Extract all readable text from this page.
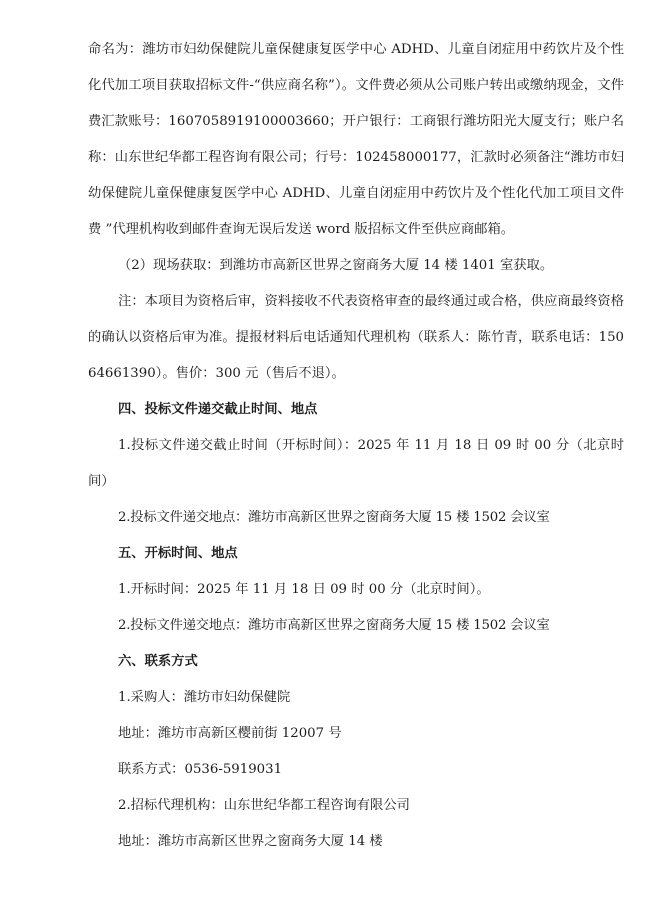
命名为：潍坊市妇幼保健院儿童保健康复医学中心 ADHD、儿童自闭症用中药饮片及个性化代加工项目获取招标文件-“供应商名称”）。文件费必须从公司账户转出或缴纳现金，文件费汇款账号：1607058919100003660；开户银行：工商银行潍坊阳光大厦支行；账户名称：山东世纪华都工程咨询有限公司；行号：102458000177，汇款时必须备注“潍坊市妇幼保健院儿童保健康复医学中心 ADHD、儿童自闭症用中药饮片及个性化代加工项目文件费 ”代理机构收到邮件查询无误后发送 word 版招标文件至供应商邮箱。

（2）现场获取：到潍坊市高新区世界之窗商务大厦 14 楼 1401 室获取。

注：本项目为资格后审，资料接收不代表资格审查的最终通过或合格，供应商最终资格的确认以资格后审为准。提报材料后电话通知代理机构（联系人：陈竹青，联系电话：15064661390）。售价：300 元（售后不退）。

四、投标文件递交截止时间、地点

1.投标文件递交截止时间（开标时间）：2025 年 11 月 18 日 09 时 00 分（北京时间）

2.投标文件递交地点：潍坊市高新区世界之窗商务大厦 15 楼 1502 会议室

五、开标时间、地点

1.开标时间：2025 年 11 月 18 日 09 时 00 分（北京时间）。

2.投标文件递交地点：潍坊市高新区世界之窗商务大厦 15 楼 1502 会议室

六、联系方式

1.采购人：潍坊市妇幼保健院

地址：潍坊市高新区樱前街 12007 号

联系方式：0536-5919031

2.招标代理机构：山东世纪华都工程咨询有限公司

地址：潍坊市高新区世界之窗商务大厦 14 楼
